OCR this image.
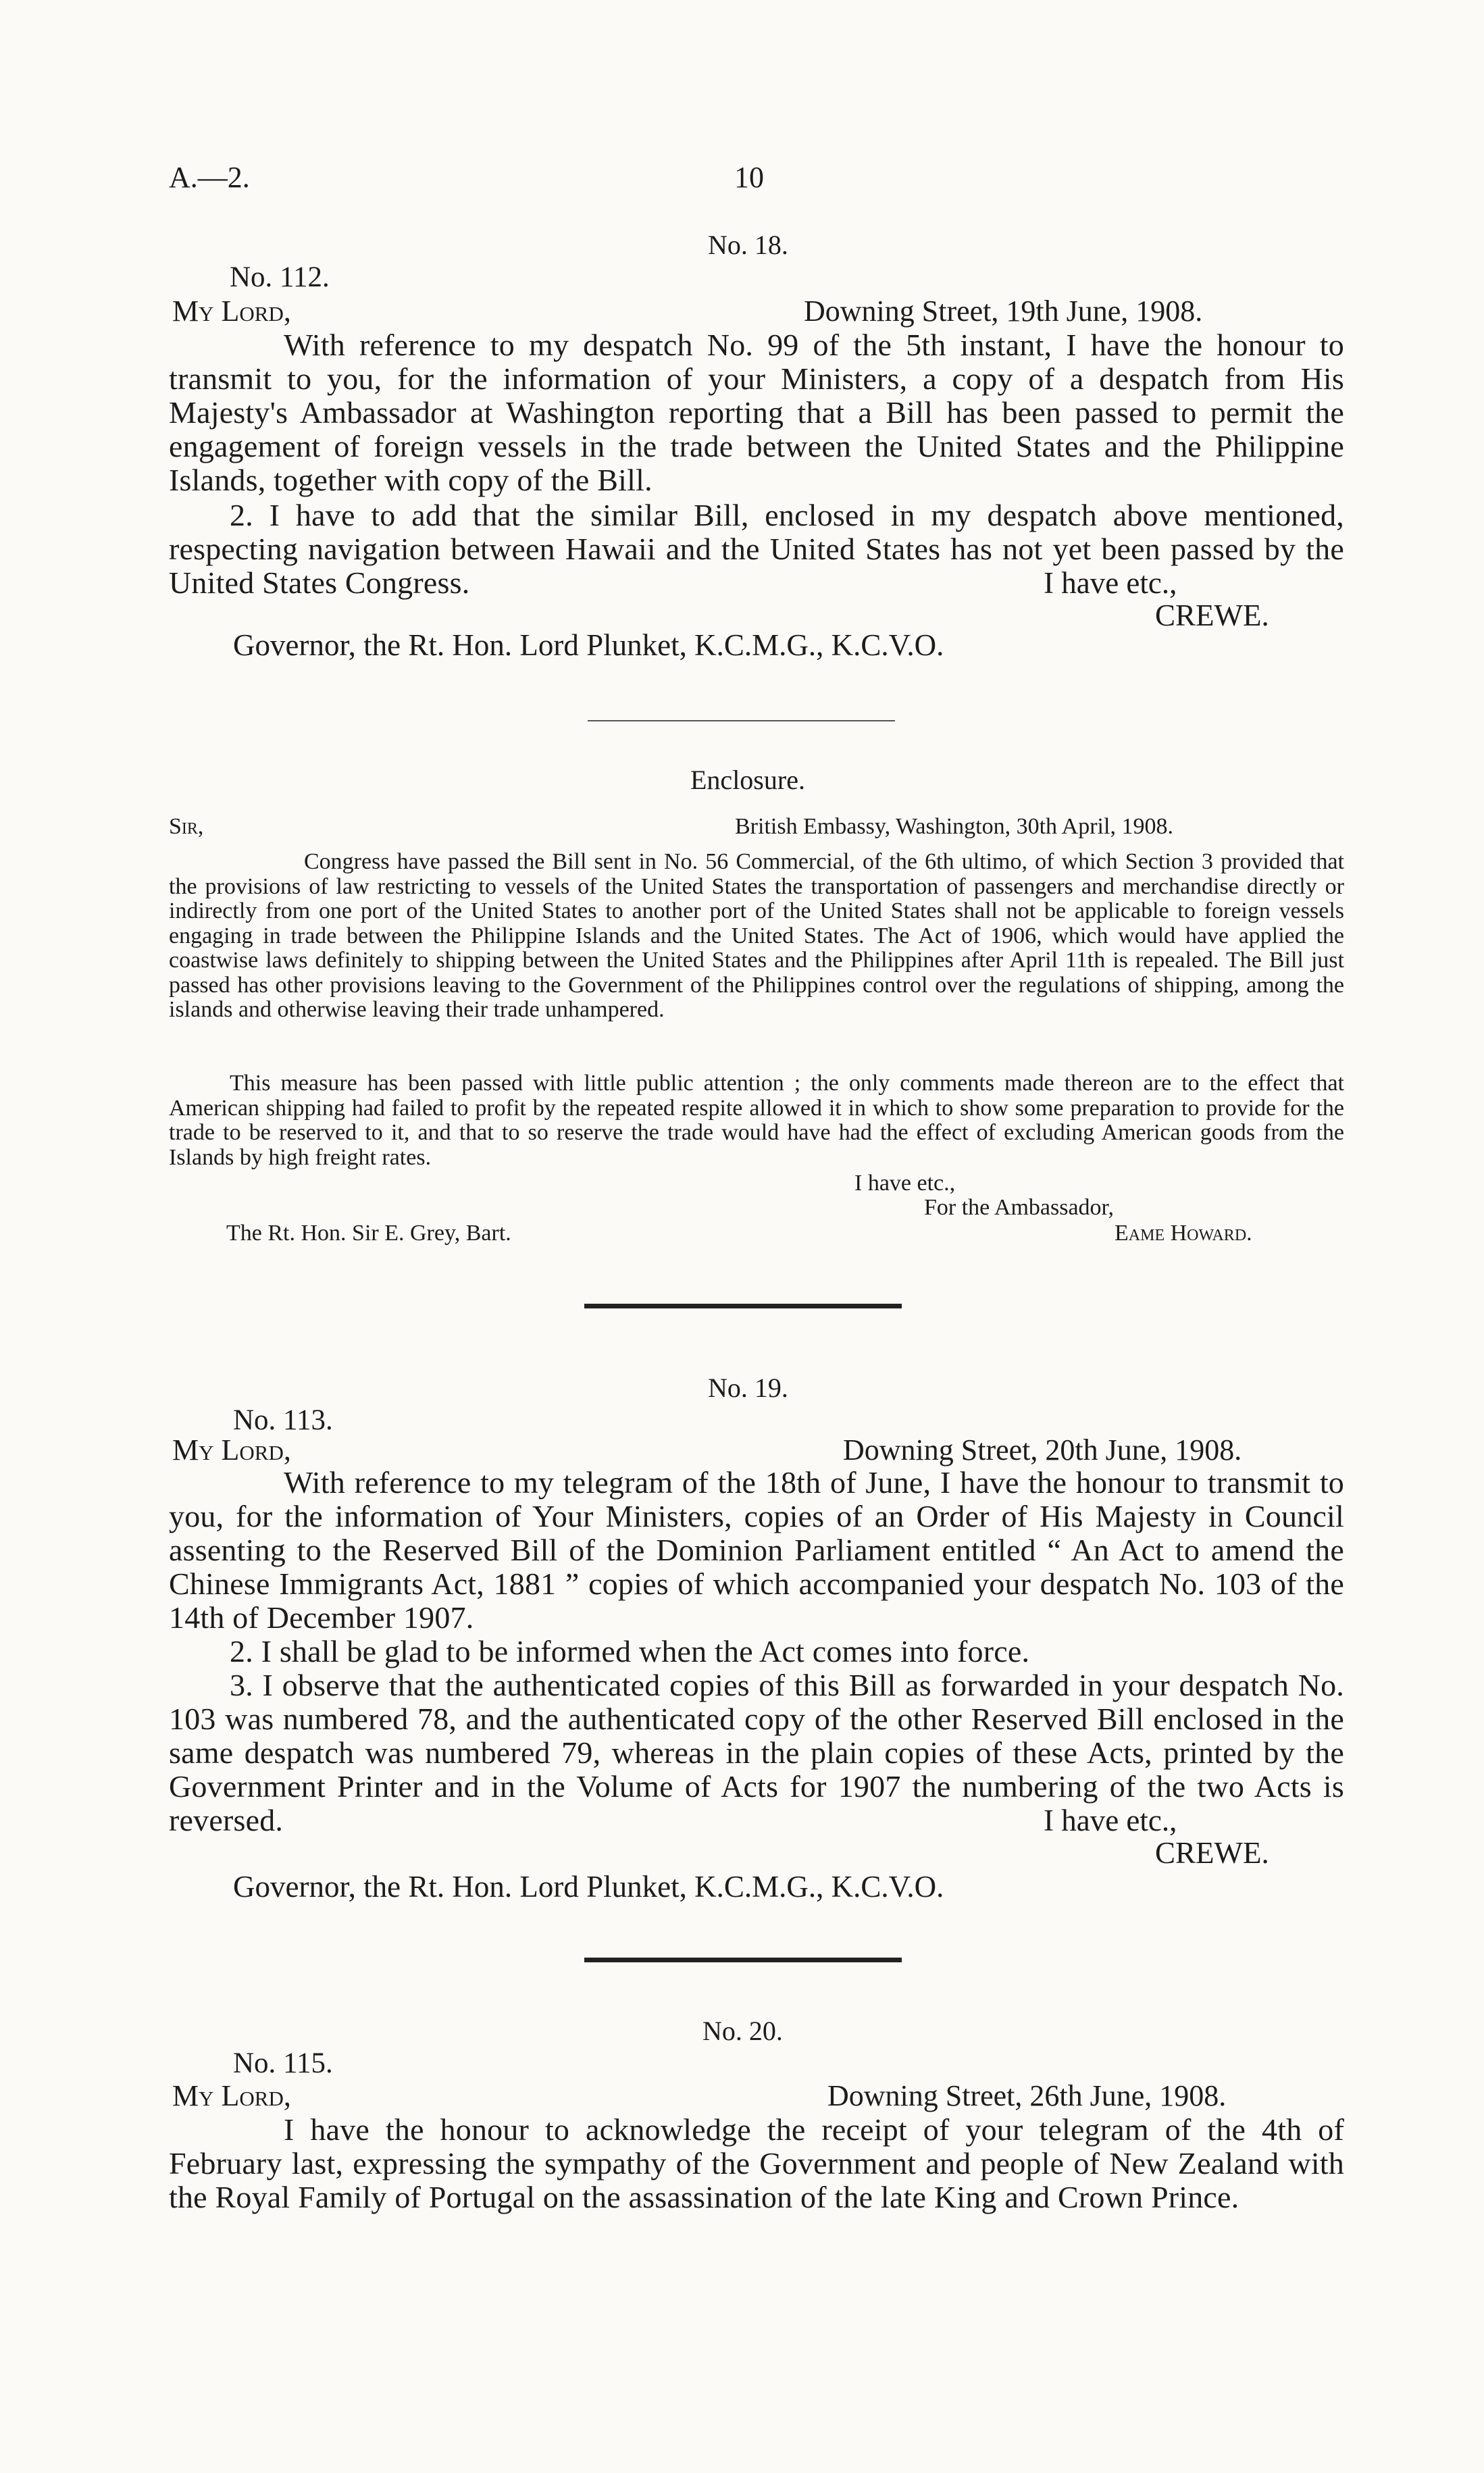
A.—2.	10
No. 18.
No. 112.
My Lord,	Downing Street, 19th June, 1908.
With reference to my despatch No. 99 of the 5th instant, I have the honour to transmit to you, for the information of your Ministers, a copy of a despatch from His Majesty's Ambassador at Washington reporting that a Bill has been passed to permit the engagement of foreign vessels in the trade between the United States and the Philippine Islands, together with copy of the Bill.
2. I have to add that the similar Bill, enclosed in my despatch above mentioned, respecting navigation between Hawaii and the United States has not yet been passed by the United States Congress.	I have etc.,
CREWE.
Governor, the Rt. Hon. Lord Plunket, K.C.M.G., K.C.V.O.
Enclosure.
Sir,	British Embassy, Washington, 30th April, 1908.
Congress have passed the Bill sent in No. 56 Commercial, of the 6th ultimo, of which Section 3 provided that the provisions of law restricting to vessels of the United States the transportation of passengers and merchandise directly or indirectly from one port of the United States to another port of the United States shall not be applicable to foreign vessels engaging in trade between the Philippine Islands and the United States. The Act of 1906, which would have applied the coastwise laws definitely to shipping between the United States and the Philippines after April 11th is repealed. The Bill just passed has other provisions leaving to the Government of the Philippines control over the regulations of shipping, among the islands and otherwise leaving their trade unhampered.
This measure has been passed with little public attention ; the only comments made thereon are to the effect that American shipping had failed to profit by the repeated respite allowed it in which to show some preparation to provide for the trade to be reserved to it, and that to so reserve the trade would have had the effect of excluding American goods from the Islands by high freight rates.
I have etc.,
For the Ambassador,
The Rt. Hon. Sir E. Grey, Bart.	Eame Howard.
No. 19.
No. 113.
My Lord,	Downing Street, 20th June, 1908.
With reference to my telegram of the 18th of June, I have the honour to transmit to you, for the information of Your Ministers, copies of an Order of His Majesty in Council assenting to the Reserved Bill of the Dominion Parliament entitled “ An Act to amend the Chinese Immigrants Act, 1881 ” copies of which accompanied your despatch No. 103 of the 14th of December 1907.
2. I shall be glad to be informed when the Act comes into force.
3. I observe that the authenticated copies of this Bill as forwarded in your despatch No. 103 was numbered 78, and the authenticated copy of the other Reserved Bill enclosed in the same despatch was numbered 79, whereas in the plain copies of these Acts, printed by the Government Printer and in the Volume of Acts for 1907 the numbering of the two Acts is reversed.	I have etc.,
CREWE.
Governor, the Rt. Hon. Lord Plunket, K.C.M.G., K.C.V.O.
No. 20.
No. 115.
My Lord,	Downing Street, 26th June, 1908.
I have the honour to acknowledge the receipt of your telegram of the 4th of February last, expressing the sympathy of the Government and people of New Zealand with the Royal Family of Portugal on the assassination of the late King and Crown Prince.
